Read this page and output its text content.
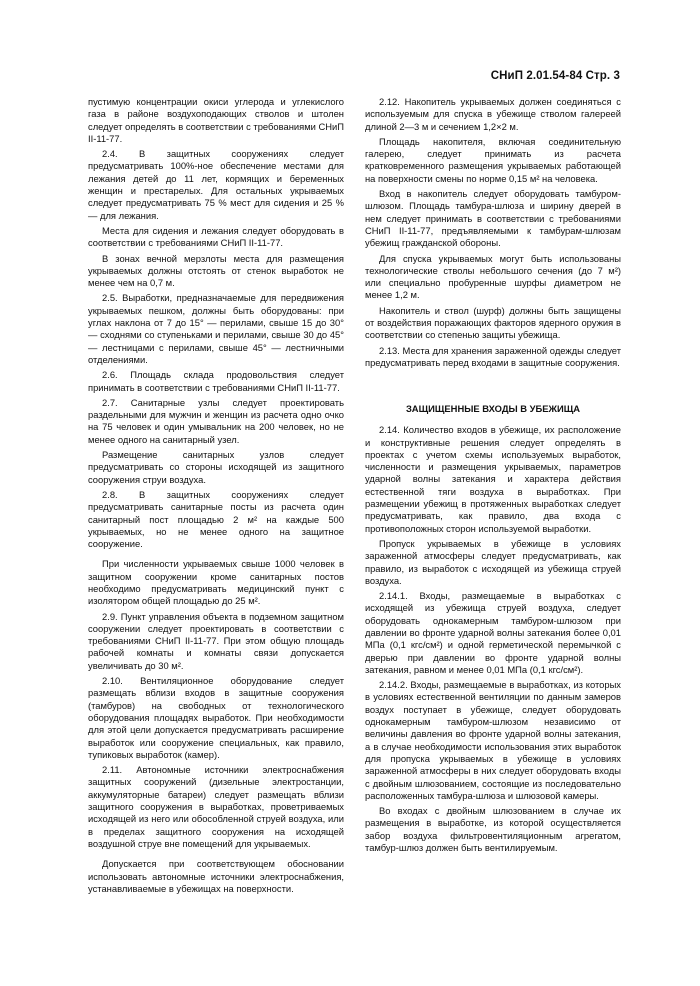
СНиП 2.01.54-84 Стр. 3

пустимую концентрации окиси углерода и углекислого газа в районе воздухоподающих стволов и штолен следует определять в соответствии с требованиями СНиП II-11-77.

2.4. В защитных сооружениях следует предусматривать 100%-ное обеспечение местами для лежания детей до 11 лет, кормящих и беременных женщин и престарелых. Для остальных укрываемых следует предусматривать 75 % мест для сидения и 25 % — для лежания.

Места для сидения и лежания следует оборудовать в соответствии с требованиями СНиП II-11-77.

В зонах вечной мерзлоты места для размещения укрываемых должны отстоять от стенок выработок не менее чем на 0,7 м.

2.5. Выработки, предназначаемые для передвижения укрываемых пешком, должны быть оборудованы: при углах наклона от 7 до 15° — перилами, свыше 15 до 30° — сходнями со ступеньками и перилами, свыше 30 до 45° — лестницами с перилами, свыше 45° — лестничными отделениями.

2.6. Площадь склада продовольствия следует принимать в соответствии с требованиями СНиП II-11-77.

2.7. Санитарные узлы следует проектировать раздельными для мужчин и женщин из расчета одно очко на 75 человек и один умывальник на 200 человек, но не менее одного на санитарный узел.

Размещение санитарных узлов следует предусматривать со стороны исходящей из защитного сооружения струи воздуха.

2.8. В защитных сооружениях следует предусматривать санитарные посты из расчета один санитарный пост площадью 2 м² на каждые 500 укрываемых, но не менее одного на защитное сооружение.

При численности укрываемых свыше 1000 человек в защитном сооружении кроме санитарных постов необходимо предусматривать медицинский пункт с изолятором общей площадью до 25 м².

2.9. Пункт управления объекта в подземном защитном сооружении следует проектировать в соответствии с требованиями СНиП II-11-77. При этом общую площадь рабочей комнаты и комнаты связи допускается увеличивать до 30 м².

2.10. Вентиляционное оборудование следует размещать вблизи входов в защитные сооружения (тамбуров) на свободных от технологического оборудования площадях выработок. При необходимости для этой цели допускается предусматривать расширение выработок или сооружение специальных, как правило, тупиковых выработок (камер).

2.11. Автономные источники электроснабжения защитных сооружений (дизельные электростанции, аккумуляторные батареи) следует размещать вблизи защитного сооружения в выработках, проветриваемых исходящей из него или обособленной струей воздуха, или в пределах защитного сооружения на исходящей воздушной струе вне помещений для укрываемых.

Допускается при соответствующем обосновании использовать автономные источники электроснабжения, устанавливаемые в убежищах на поверхности.

2.12. Накопитель укрываемых должен соединяться с используемым для спуска в убежище стволом галереей длиной 2—3 м и сечением 1,2×2 м.

Площадь накопителя, включая соединительную галерею, следует принимать из расчета кратковременного размещения укрываемых работающей на поверхности смены по норме 0,15 м² на человека.

Вход в накопитель следует оборудовать тамбуром-шлюзом. Площадь тамбура-шлюза и ширину дверей в нем следует принимать в соответствии с требованиями СНиП II-11-77, предъявляемыми к тамбурам-шлюзам убежищ гражданской обороны.

Для спуска укрываемых могут быть использованы технологические стволы небольшого сечения (до 7 м²) или специально пробуренные шурфы диаметром не менее 1,2 м.

Накопитель и ствол (шурф) должны быть защищены от воздействия поражающих факторов ядерного оружия в соответствии со степенью защиты убежища.

2.13. Места для хранения зараженной одежды следует предусматривать перед входами в защитные сооружения.

ЗАЩИЩЕННЫЕ ВХОДЫ В УБЕЖИЩА

2.14. Количество входов в убежище, их расположение и конструктивные решения следует определять в проектах с учетом схемы используемых выработок, численности и размещения укрываемых, параметров ударной волны затекания и характера действия естественной тяги воздуха в выработках. При размещении убежищ в протяженных выработках следует предусматривать, как правило, два входа с противоположных сторон используемой выработки.

Пропуск укрываемых в убежище в условиях зараженной атмосферы следует предусматривать, как правило, из выработок с исходящей из убежища струей воздуха.

2.14.1. Входы, размещаемые в выработках с исходящей из убежища струей воздуха, следует оборудовать однокамерным тамбуром-шлюзом при давлении во фронте ударной волны затекания более 0,01 МПа (0,1 кгс/см²) и одной герметической перемычкой с дверью при давлении во фронте ударной волны затекания, равном и менее 0,01 МПа (0,1 кгс/см²).

2.14.2. Входы, размещаемые в выработках, из которых в условиях естественной вентиляции по данным замеров воздух поступает в убежище, следует оборудовать однокамерным тамбуром-шлюзом независимо от величины давления во фронте ударной волны затекания, а в случае необходимости использования этих выработок для пропуска укрываемых в убежище в условиях зараженной атмосферы в них следует оборудовать входы с двойным шлюзованием, состоящие из последовательно расположенных тамбура-шлюза и шлюзовой камеры.

Во входах с двойным шлюзованием в случае их размещения в выработке, из которой осуществляется забор воздуха фильтровентиляционным агрегатом, тамбур-шлюз должен быть вентилируемым.
